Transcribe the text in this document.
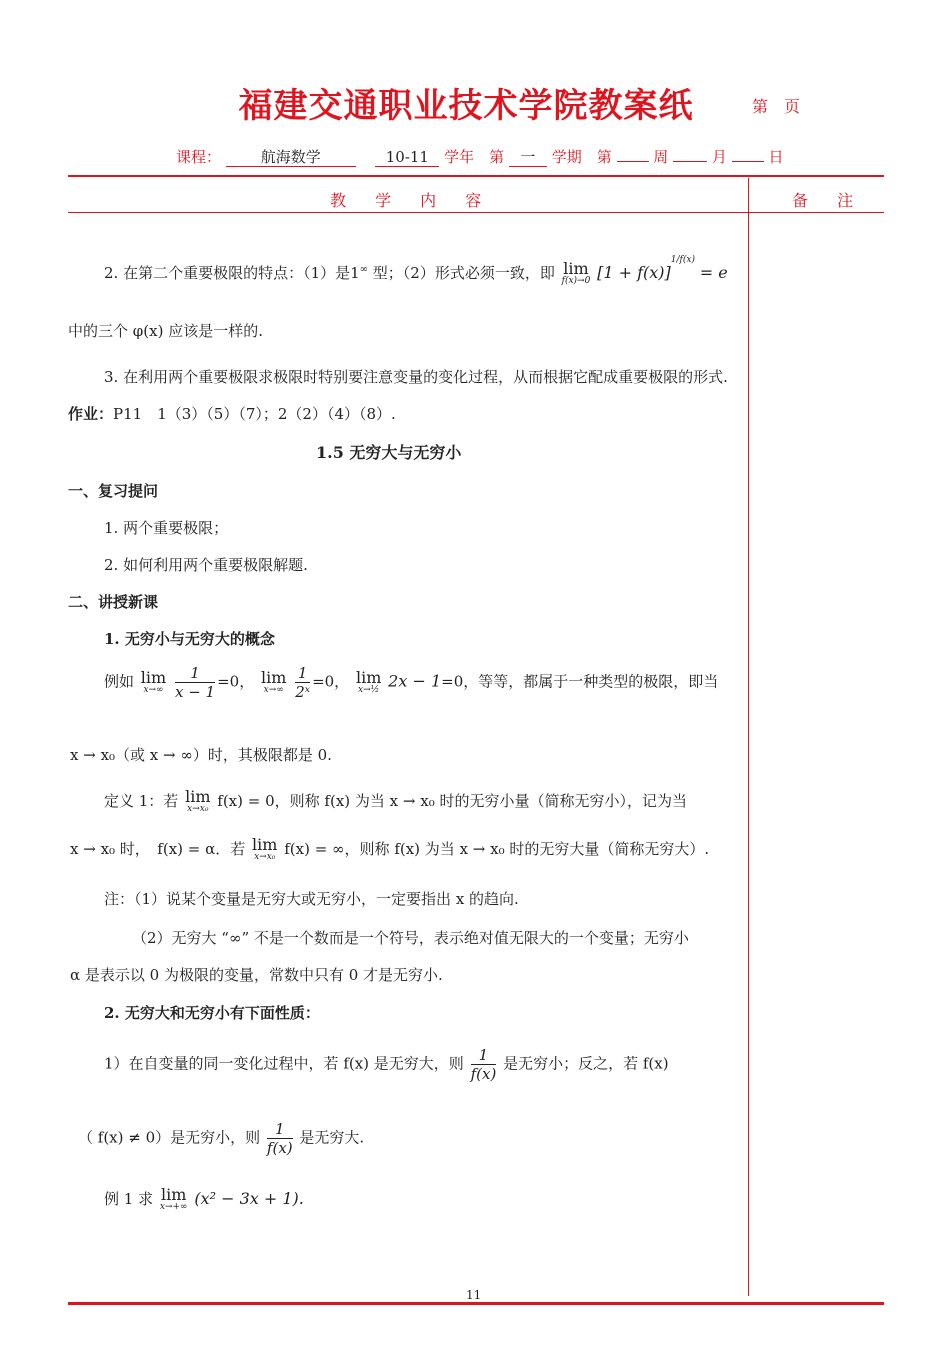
福建交通职业技术学院教案纸	第　页
课程：	航海数学	10-11 学年　第 一 学期　第	周	月	日
教 学 内 容	备 注
2. 在第二个重要极限的特点：（1）是1∞ 型；（2）形式必须一致，即 lim
f(x)→0 $[1 + f(x)]^{1/f(x)} = e$
中的三个 φ(x) 应该是一样的.
3. 在利用两个重要极限求极限时特别要注意变量的变化过程，从而根据它配成重要极限的形式.
作业：P11　1（3）（5）（7）；2（2）（4）（8）.
1.5 无穷大与无穷小
一、复习提问
1. 两个重要极限；
2. 如何利用两个重要极限解题.
二、讲授新课
1. 无穷小与无穷大的概念
例如 lim
x→∞
$\frac{1}{x - 1} =0$， lim
x→∞
$\frac{1}{\text{2ˣ}} =0$， lim
x→½ 2x − 1=0，等等，都属于一种类型的极限，即当
x → x₀（或 x → ∞）时，其极限都是 0.
定义 1：若 lim
x→x₀ f(x) = 0，则称 f(x) 为当 x → x₀ 时的无穷小量（简称无穷小），记为当
x → x₀ 时，　f(x) = α．若 lim
x→x₀ f(x) = ∞，则称 f(x) 为当 x → x₀ 时的无穷大量（简称无穷大）.
注：（1）说某个变量是无穷大或无穷小，一定要指出 x 的趋向.
（2）无穷大 “∞” 不是一个数而是一个符号，表示绝对值无限大的一个变量；无穷小
α 是表示以 0 为极限的变量，常数中只有 0 才是无穷小.
2. 无穷大和无穷小有下面性质：
1）在自变量的同一变化过程中，若 f(x) 是无穷大，则 $\frac{1}{f(x)}$ 是无穷小；反之，若 f(x)
（ f(x) ≠ 0）是无穷小，则 $\frac{1}{f(x)}$ 是无穷大.
例 1 求 lim
x→+∞ (x² − 3x + 1).
11
